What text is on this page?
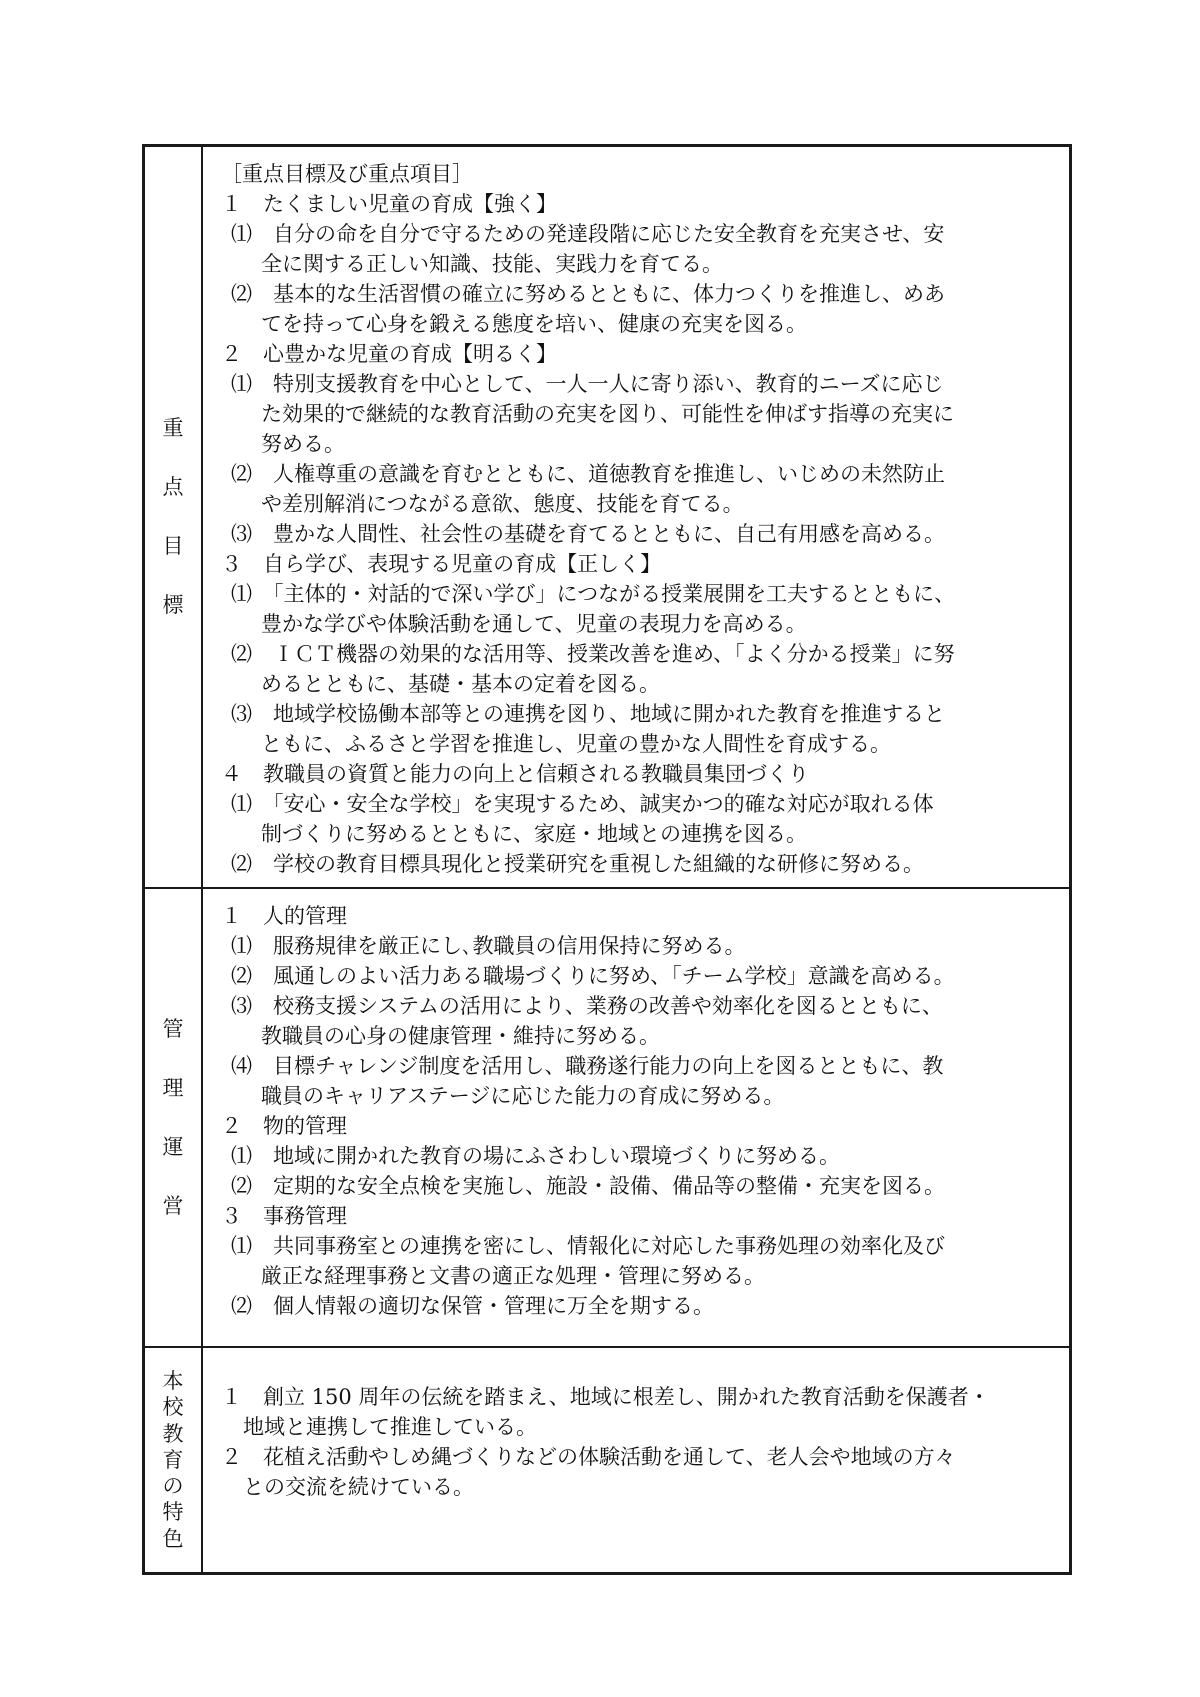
重
点
目
標
［重点目標及び重点項目］
１　たくましい児童の育成【強く】
⑴　自分の命を自分で守るための発達段階に応じた安全教育を充実させ、安
全に関する正しい知識、技能、実践力を育てる。
⑵　基本的な生活習慣の確立に努めるとともに、体力つくりを推進し、めあ
てを持って心身を鍛える態度を培い、健康の充実を図る。
２　心豊かな児童の育成【明るく】
⑴　特別支援教育を中心として、一人一人に寄り添い、教育的ニーズに応じ
た効果的で継続的な教育活動の充実を図り、可能性を伸ばす指導の充実に
努める。
⑵　人権尊重の意識を育むとともに、道徳教育を推進し、いじめの未然防止
や差別解消につながる意欲、態度、技能を育てる。
⑶　豊かな人間性、社会性の基礎を育てるとともに、自己有用感を高める。
３　自ら学び、表現する児童の育成【正しく】
⑴　「主体的・対話的で深い学び」につながる授業展開を工夫するとともに、
豊かな学びや体験活動を通して、児童の表現力を高める。
⑵　ＩＣＴ機器の効果的な活用等、授業改善を進め、「よく分かる授業」に努
めるとともに、基礎・基本の定着を図る。
⑶　地域学校協働本部等との連携を図り、地域に開かれた教育を推進すると
ともに、ふるさと学習を推進し、児童の豊かな人間性を育成する。
４　教職員の資質と能力の向上と信頼される教職員集団づくり
⑴　「安心・安全な学校」を実現するため、誠実かつ的確な対応が取れる体
制づくりに努めるとともに、家庭・地域との連携を図る。
⑵　学校の教育目標具現化と授業研究を重視した組織的な研修に努める。
管
理
運
営
１　人的管理
⑴　服務規律を厳正にし､教職員の信用保持に努める。
⑵　風通しのよい活力ある職場づくりに努め、「チーム学校」意識を高める。
⑶　校務支援システムの活用により、業務の改善や効率化を図るとともに、
教職員の心身の健康管理・維持に努める。
⑷　目標チャレンジ制度を活用し、職務遂行能力の向上を図るとともに、教
職員のキャリアステージに応じた能力の育成に努める。
２　物的管理
⑴　地域に開かれた教育の場にふさわしい環境づくりに努める。
⑵　定期的な安全点検を実施し、施設・設備、備品等の整備・充実を図る。
３　事務管理
⑴　共同事務室との連携を密にし、情報化に対応した事務処理の効率化及び
厳正な経理事務と文書の適正な処理・管理に努める。
⑵　個人情報の適切な保管・管理に万全を期する。
本
校
教
育
の
特
色
１　創立 150 周年の伝統を踏まえ、地域に根差し、開かれた教育活動を保護者・
地域と連携して推進している。
２　花植え活動やしめ縄づくりなどの体験活動を通して、老人会や地域の方々
との交流を続けている。
